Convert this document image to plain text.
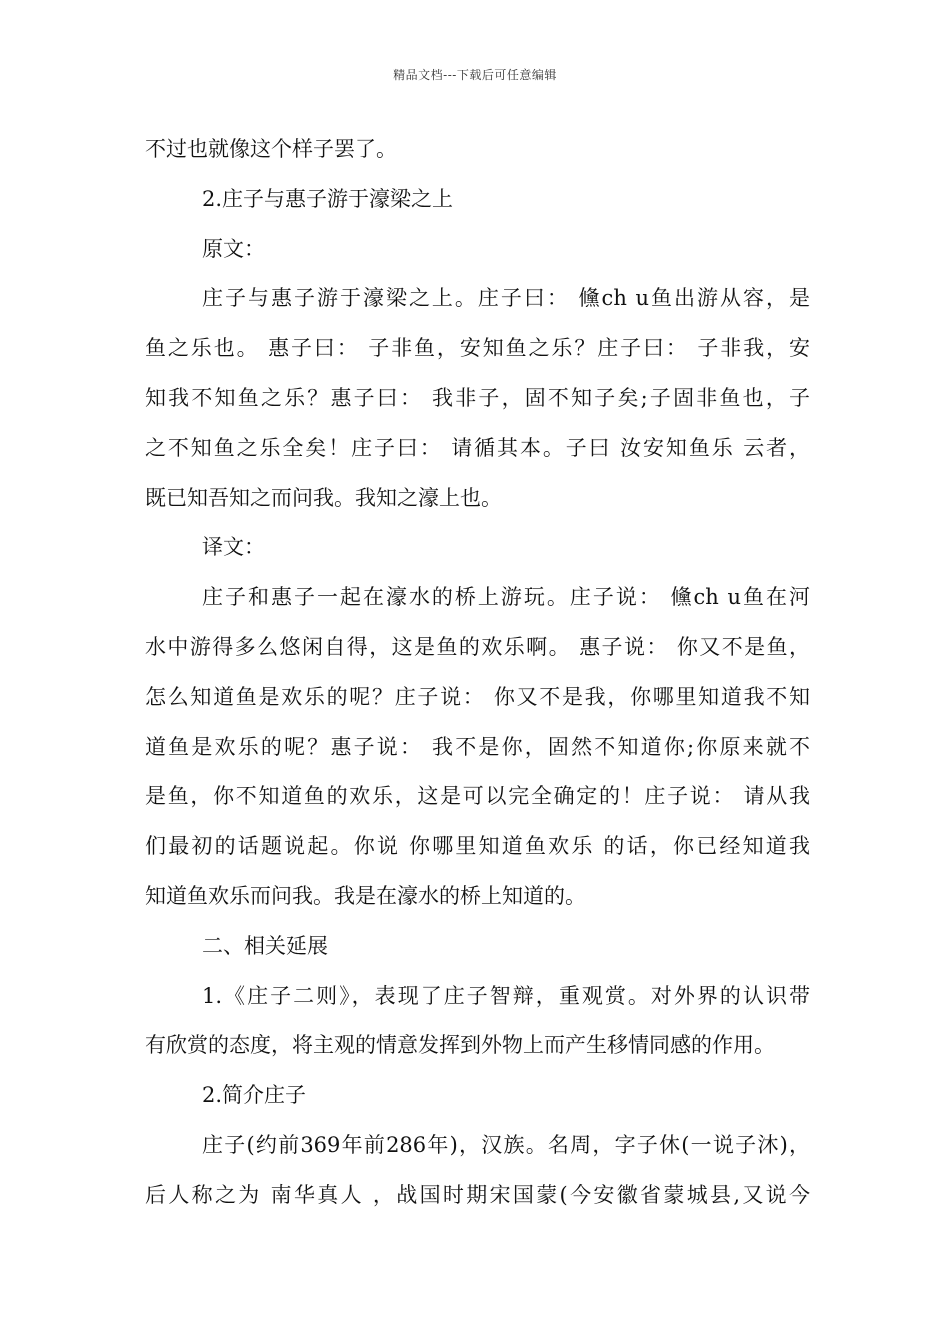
精品文档---下载后可任意编辑
不过也就像这个样子罢了。
2.庄子与惠子游于濠梁之上
原文：
庄子与惠子游于濠梁之上。庄子曰： 儵ch u鱼出游从容，是
鱼之乐也。 惠子曰： 子非鱼，安知鱼之乐？庄子曰： 子非我，安
知我不知鱼之乐？惠子曰： 我非子，固不知子矣;子固非鱼也，子
之不知鱼之乐全矣！庄子曰： 请循其本。子曰 汝安知鱼乐 云者，
既已知吾知之而问我。我知之濠上也。
译文：
庄子和惠子一起在濠水的桥上游玩。庄子说： 儵ch u鱼在河
水中游得多么悠闲自得，这是鱼的欢乐啊。 惠子说： 你又不是鱼，
怎么知道鱼是欢乐的呢？庄子说： 你又不是我，你哪里知道我不知
道鱼是欢乐的呢？惠子说： 我不是你，固然不知道你;你原来就不
是鱼，你不知道鱼的欢乐，这是可以完全确定的！庄子说： 请从我
们最初的话题说起。你说 你哪里知道鱼欢乐 的话，你已经知道我
知道鱼欢乐而问我。我是在濠水的桥上知道的。
二、相关延展
1.《庄子二则》，表现了庄子智辩，重观赏。对外界的认识带
有欣赏的态度，将主观的情意发挥到外物上而产生移情同感的作用。
2.简介庄子
庄子(约前369年前286年)，汉族。名周，字子休(一说子沐)，
后人称之为 南华真人 ，战国时期宋国蒙(今安徽省蒙城县,又说今
